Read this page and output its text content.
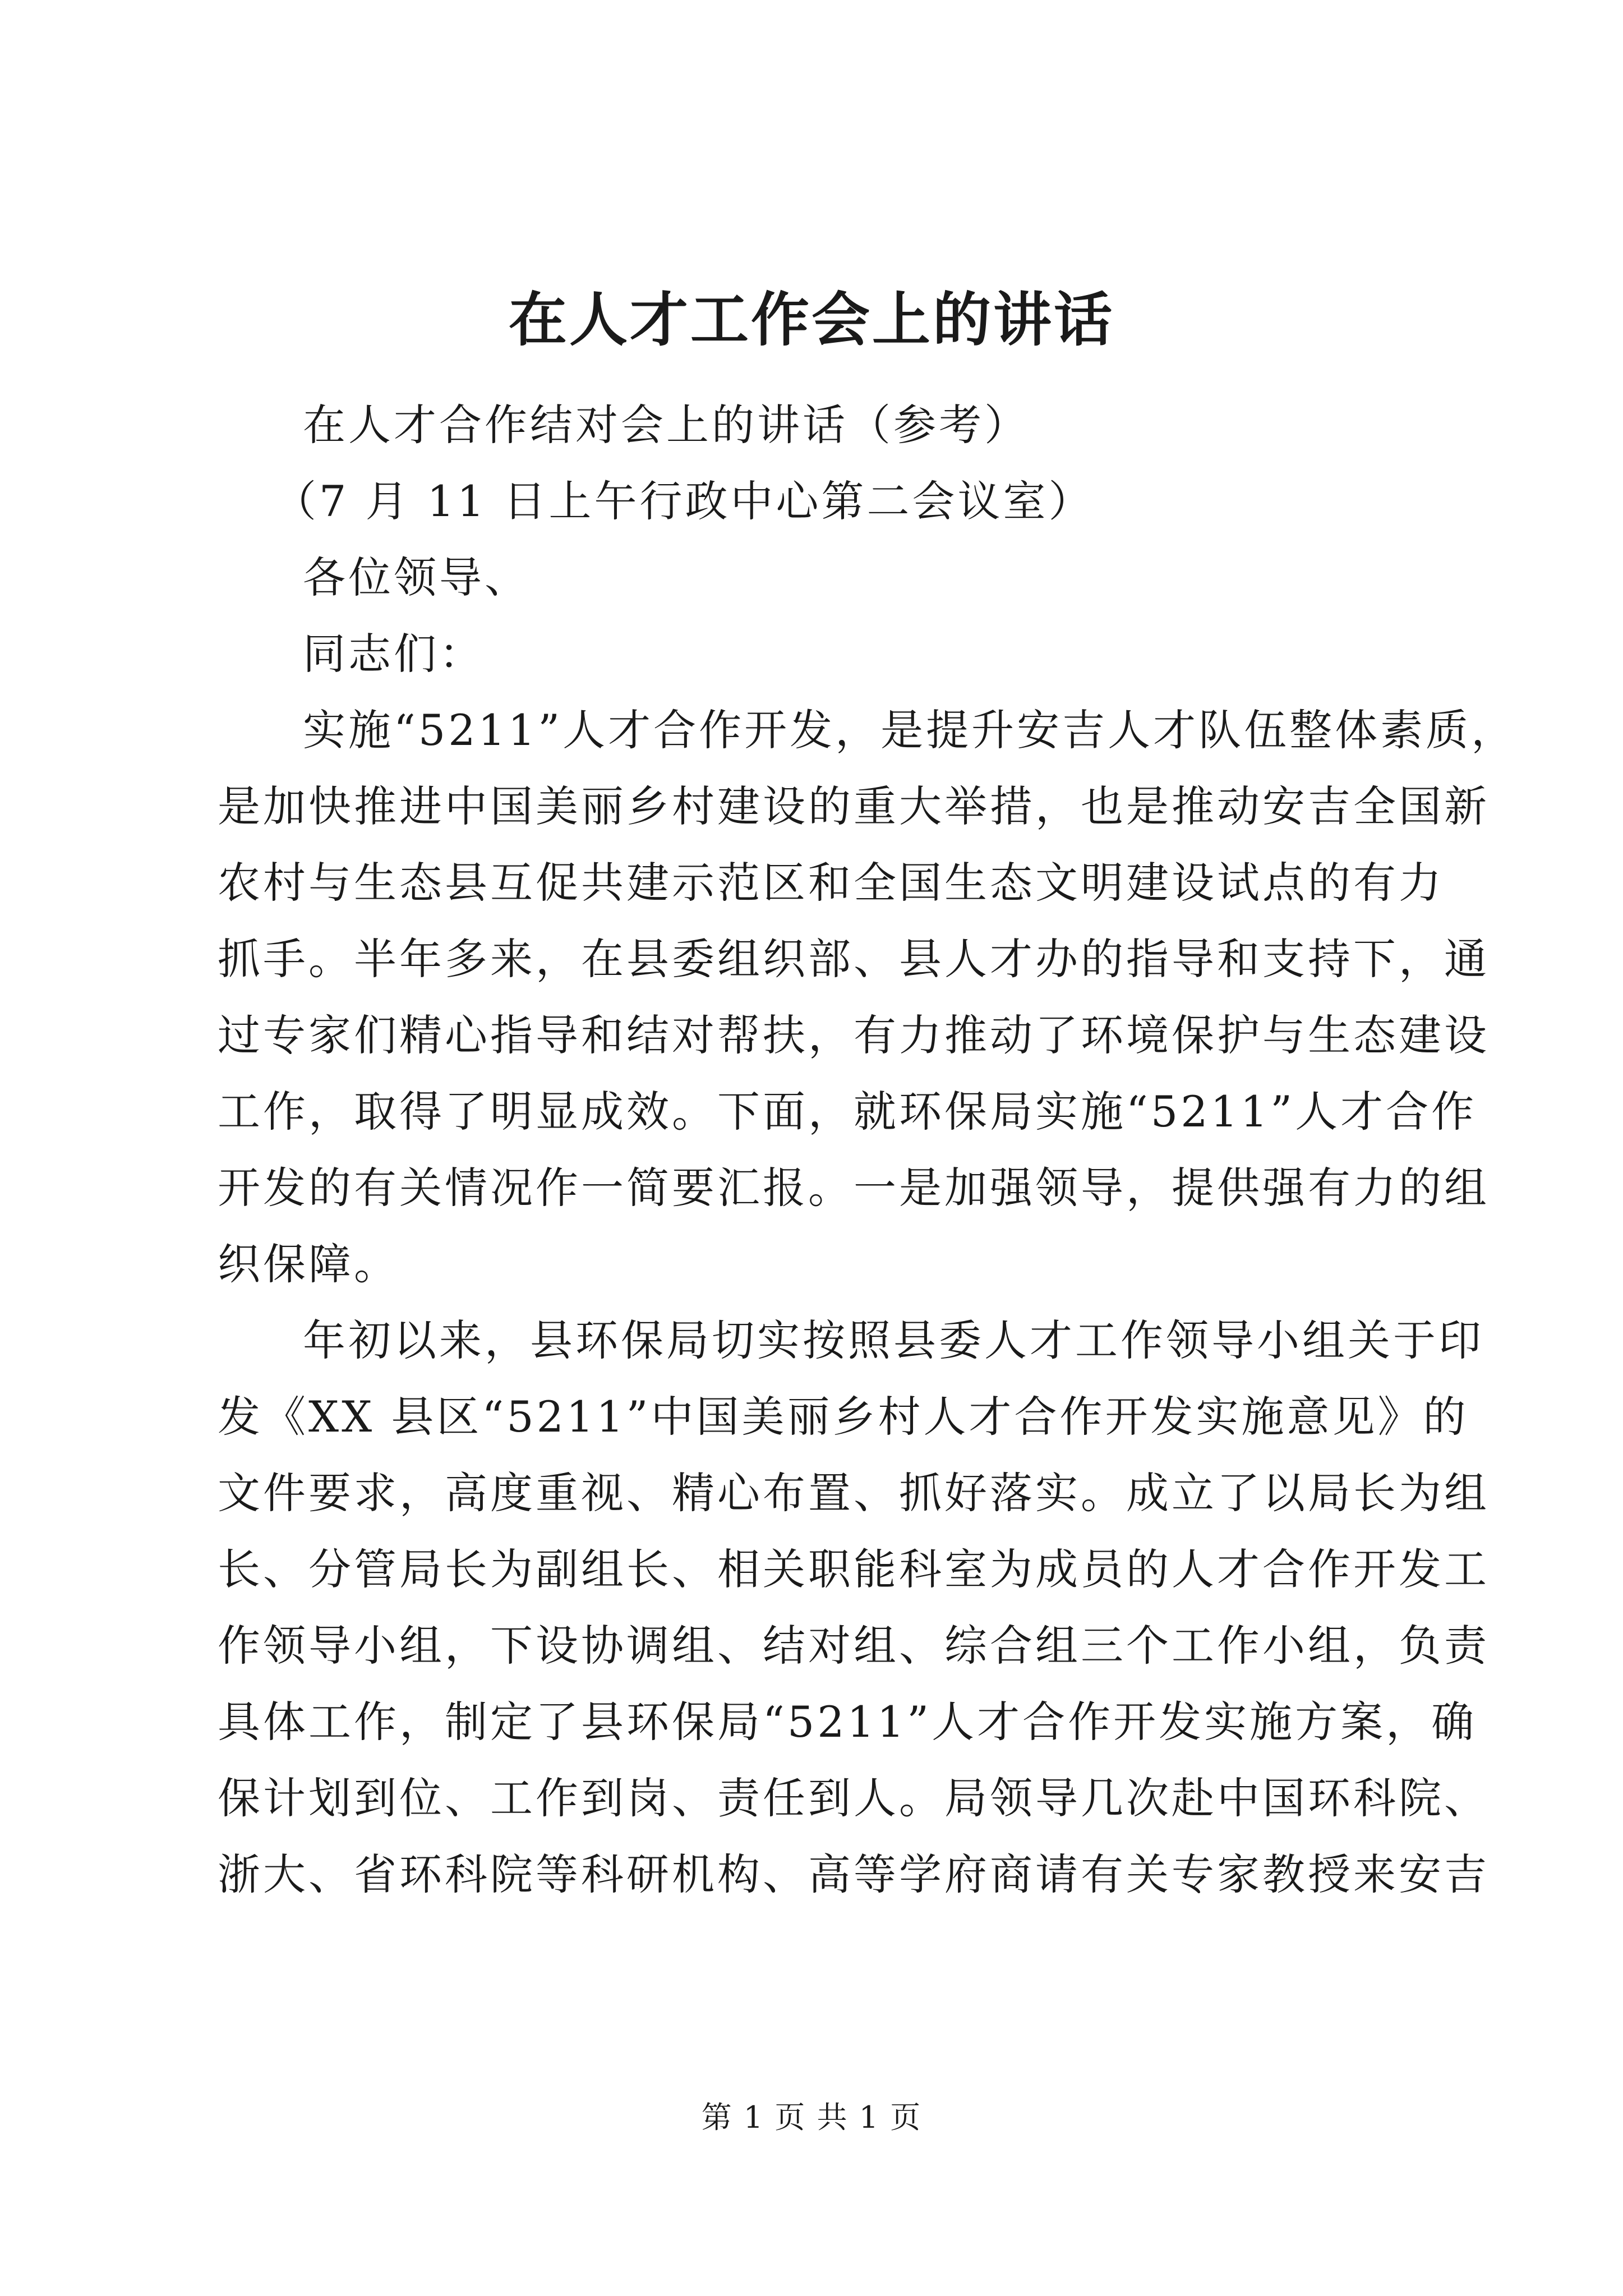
在人才工作会上的讲话
在人才合作结对会上的讲话（参考）
（7 月 11 日上午行政中心第二会议室）
各位领导、
同志们：
实施“5211”人才合作开发，是提升安吉人才队伍整体素质，
是加快推进中国美丽乡村建设的重大举措，也是推动安吉全国新
农村与生态县互促共建示范区和全国生态文明建设试点的有力
抓手。半年多来，在县委组织部、县人才办的指导和支持下，通
过专家们精心指导和结对帮扶，有力推动了环境保护与生态建设
工作，取得了明显成效。下面，就环保局实施“5211”人才合作
开发的有关情况作一简要汇报。一是加强领导，提供强有力的组
织保障。
年初以来，县环保局切实按照县委人才工作领导小组关于印
发《XX 县区“5211”中国美丽乡村人才合作开发实施意见》的
文件要求，高度重视、精心布置、抓好落实。成立了以局长为组
长、分管局长为副组长、相关职能科室为成员的人才合作开发工
作领导小组，下设协调组、结对组、综合组三个工作小组，负责
具体工作，制定了县环保局“5211”人才合作开发实施方案，确
保计划到位、工作到岗、责任到人。局领导几次赴中国环科院、
浙大、省环科院等科研机构、高等学府商请有关专家教授来安吉
第 1 页 共 1 页
